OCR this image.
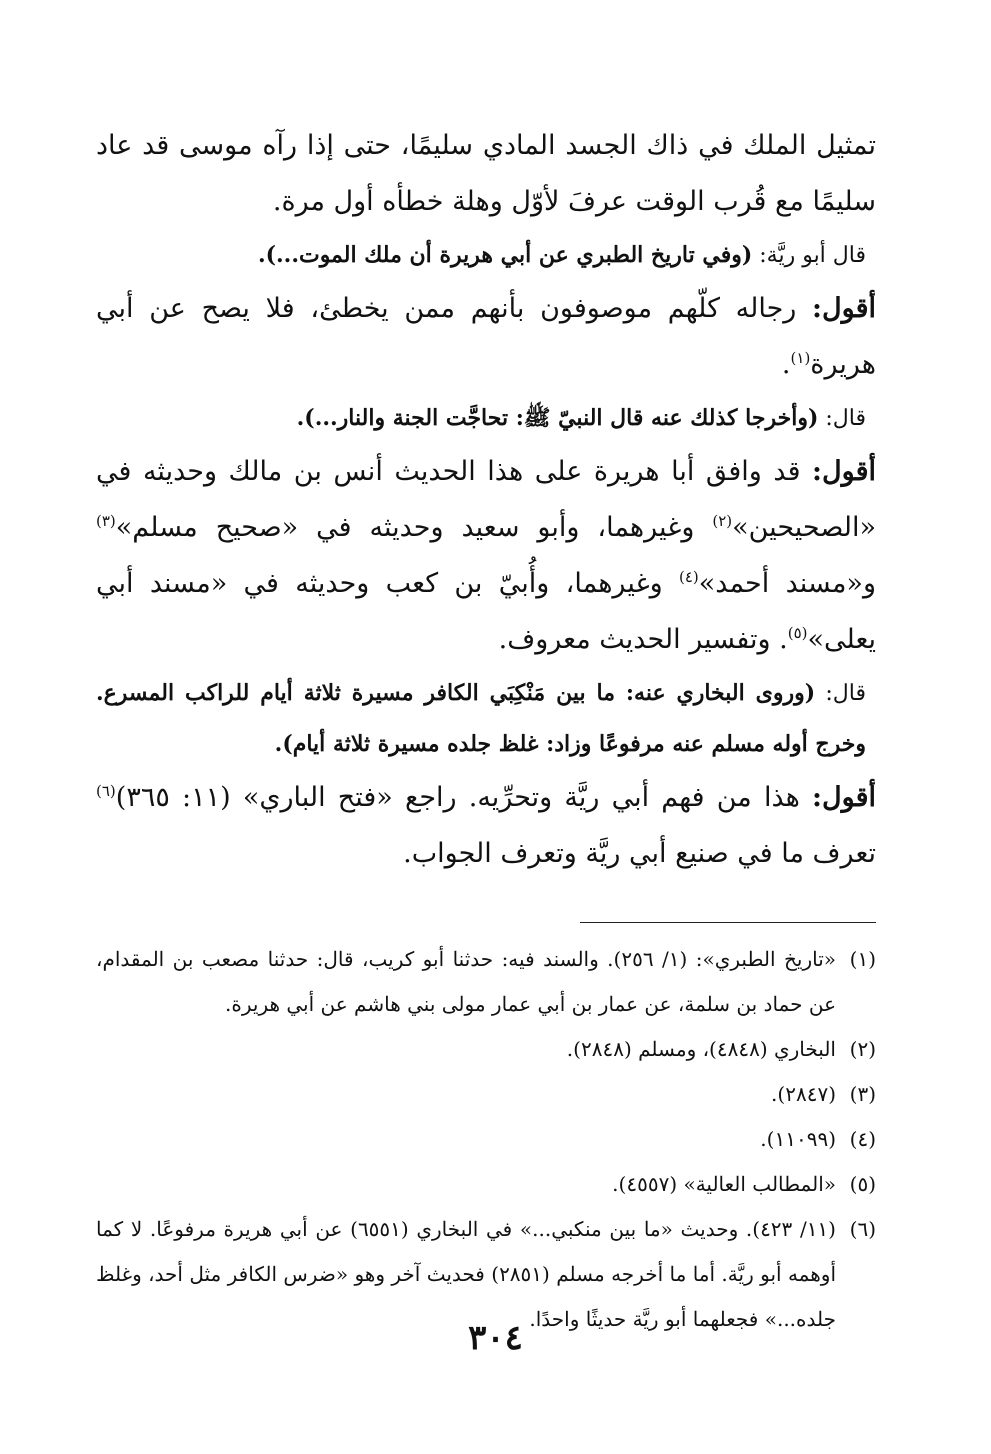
تمثيل الملك في ذاك الجسد المادي سليمًا، حتى إذا رآه موسى قد عاد سليمًا مع قُرب الوقت عرفَ لأوّل وهلة خطأه أول مرة.

قال أبو ريَّة: (وفي تاريخ الطبري عن أبي هريرة أن ملك الموت...).

أقول: رجاله كلّهم موصوفون بأنهم ممن يخطئ، فلا يصح عن أبي هريرة$^{(١)}$.

قال: (وأخرجا كذلك عنه قال النبيّ ﷺ: تحاجَّت الجنة والنار...).

أقول: قد وافق أبا هريرة على هذا الحديث أنس بن مالك وحديثه في «الصحيحين»$^{(٢)}$ وغيرهما، وأبو سعيد وحديثه في «صحيح مسلم»$^{(٣)}$ و«مسند أحمد»$^{(٤)}$ وغيرهما، وأُبيّ بن كعب وحديثه في «مسند أبي يعلى»$^{(٥)}$. وتفسير الحديث معروف.

قال: (وروى البخاري عنه: ما بين مَنْكِبَي الكافر مسيرة ثلاثة أيام للراكب المسرع. وخرج أوله مسلم عنه مرفوعًا وزاد: غلظ جلده مسيرة ثلاثة أيام).

أقول: هذا من فهم أبي ريَّة وتحرِّيه. راجع «فتح الباري» (١١: ٣٦٥)$^{(٦)}$ تعرف ما في صنيع أبي ريَّة وتعرف الجواب.

(١)
«تاريخ الطبري»: (١/ ٢٥٦). والسند فيه: حدثنا أبو كريب، قال: حدثنا مصعب بن المقدام، عن حماد بن سلمة، عن عمار بن أبي عمار مولى بني هاشم عن أبي هريرة.

(٢)
البخاري (٤٨٤٨)، ومسلم (٢٨٤٨).

(٣)
(٢٨٤٧).

(٤)
(١١٠٩٩).

(٥)
«المطالب العالية» (٤٥٥٧).

(٦)
(١١/ ٤٢٣). وحديث «ما بين منكبي...» في البخاري (٦٥٥١) عن أبي هريرة مرفوعًا. لا كما أوهمه أبو ريَّة. أما ما أخرجه مسلم (٢٨٥١) فحديث آخر وهو «ضرس الكافر مثل أحد، وغلظ جلده...» فجعلهما أبو ريَّة حديثًا واحدًا.

٣٠٤
